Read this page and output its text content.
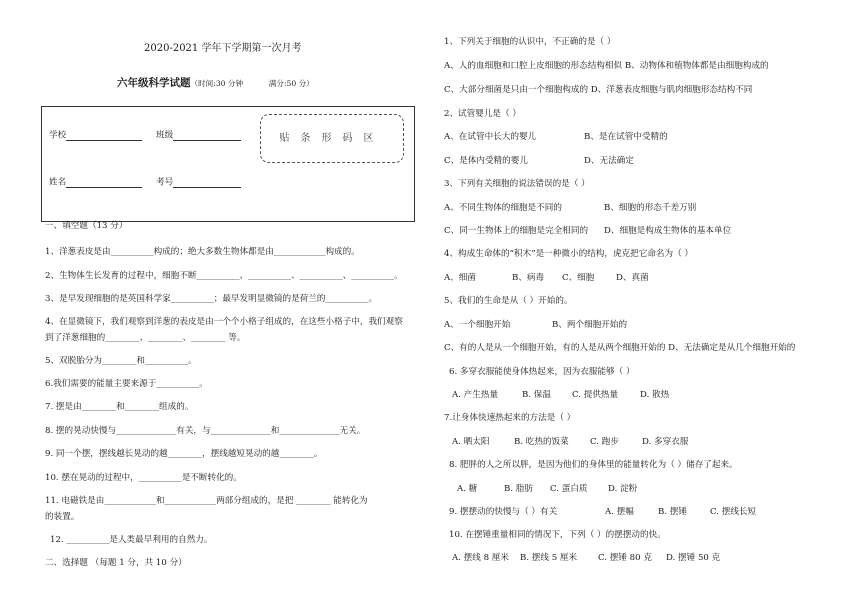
2020-2021 学年下学期第一次月考
六年级科学试题（时间:30 分钟	满分:50 分）
学校	班级
姓名	考号
贴条形码区
一、填空题（13 分）
1、洋葱表皮是由__________构成的；绝大多数生物体都是由____________构成的。
2、生物体生长发育的过程中，细胞不断__________、__________、__________、__________。
3、是早发现细胞的是英国科学家__________；最早发明显微镜的是荷兰的__________。
4、在显微镜下，我们观察到洋葱的表皮是由一个个小格子组成的，在这些小格子中，我们观察
到了洋葱细胞的________、________、________ 等。
5、双脱胎分为________和__________。
6.我们需要的能量主要来源于__________。
7. 摆是由________和________组成的。
8. 摆的晃动快慢与______________有关，与______________和______________无关。
9. 同一个摆，摆线越长晃动的越________，摆线越短晃动的越________。
10. 摆在晃动的过程中，__________是不断转化的。
11. 电磁铁是由____________和____________两部分组成的，是把 ________ 能转化为
的装置。
12. __________是人类最早利用的自然力。
二、选择题 （每题 1 分，共 10 分）
1、下列关于细胞的认识中，不正确的是（ ）
A、人的血细胞和口腔上皮细胞的形态结构相似 B、动物体和植物体都是由细胞构成的
C、大部分细菌是只由一个细胞构成的 D、洋葱表皮细胞与肌肉细胞形态结构不同
2、试管婴儿是（ ）
A、在试管中长大的婴儿	B、是在试管中受精的
C、是体内受精的婴儿	D、无法确定
3、下列有关细胞的说法错误的是（ ）
A、不同生物体的细胞是不同的	B、细胞的形态千差万别
C、同一生物体上的细胞是完全相同的 D、细胞是构成生物体的基本单位
4、构成生命体的“积木”是一种微小的结构，虎克把它命名为（ ）
A、细菌	B、病毒 C、细胞	D、真菌
5、我们的生命是从（ ）开始的。
A、一个细胞开始	B、两个细胞开始的
C、有的人是从一个细胞开始，有的人是从两个细胞开始的 D、无法确定是从几个细胞开始的
6. 多穿衣服能使身体热起来，因为衣服能够（ ）
A. 产生热量	B. 保温 C. 提供热量	D. 散热
7.让身体快速热起来的方法是（ ）
A. 晒太阳	B. 吃热的饭菜 C. 跑步	D. 多穿衣服
8. 肥胖的人之所以胖，是因为他们的身体里的能量转化为（ ）储存了起来。
A. 糖	B. 脂肪 C. 蛋白质 D. 淀粉
9. 摆摆动的快慢与（ ）有关	A. 摆幅	B. 摆锤	C. 摆线长短
10. 在摆锤重量相同的情况下，下列（ ）的摆摆动的快。
A. 摆线 8 厘米 B. 摆线 5 厘米 C. 摆锤 80 克 D. 摆锤 50 克
